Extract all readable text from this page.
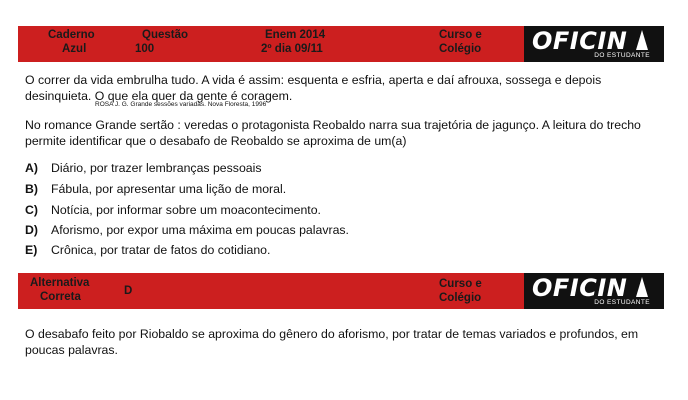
Caderno
Azul
Questão
100
Enem 2014
2º dia 09/11
Curso e
Colégio OFICIN
DO ESTUDANTE
O correr da vida embrulha tudo. A vida é assim: esquenta e esfria, aperta e daí afrouxa, sossega e depois
desinquieta. O que ela quer da gente é coragem.
ROSA J. G. Grande sessões variadas. Nova Floresta, 1996
No romance Grande sertão : veredas o protagonista Reobaldo narra sua trajetória de jagunço. A leitura do trecho
permite identificar que o desabafo de Reobaldo se aproxima de um(a)
A) Diário, por trazer lembranças pessoais
B) Fábula, por apresentar uma lição de moral.
C) Notícia, por informar sobre um moacontecimento.
D) Aforismo, por expor uma máxima em poucas palavras.
E) Crônica, por tratar de fatos do cotidiano.
Alternativa
Correta	D
Curso e
Colégio OFICIN
DO ESTUDANTE
O desabafo feito por Riobaldo se aproxima do gênero do aforismo, por tratar de temas variados e profundos, em
poucas palavras.
